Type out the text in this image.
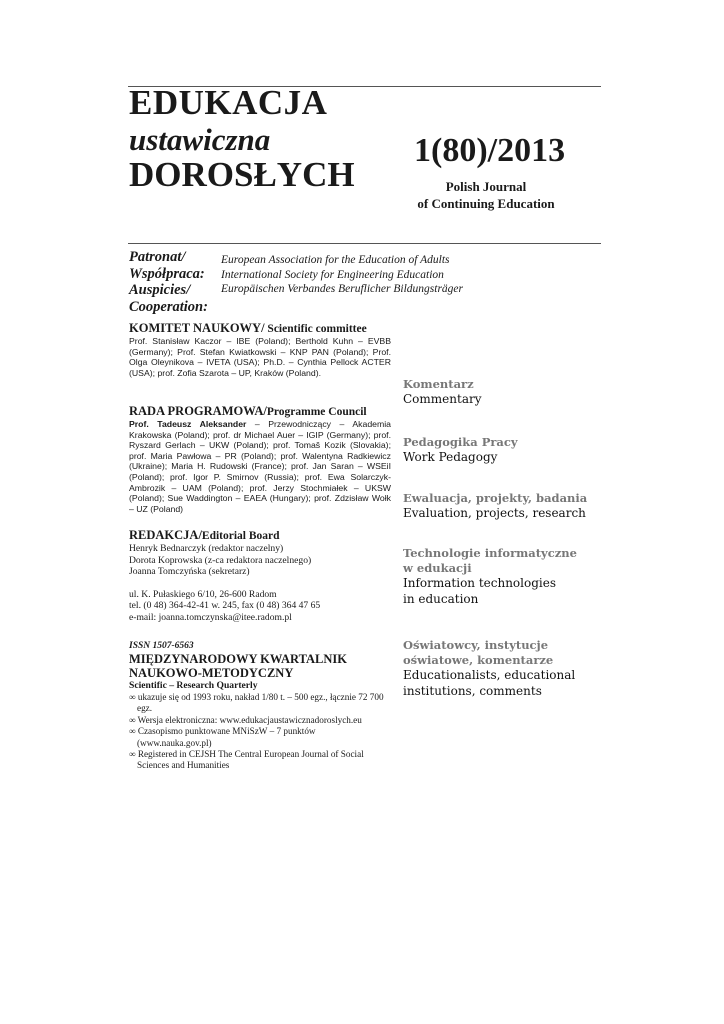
EDUKACJA
ustawiczna
DOROSŁYCH
1(80)/2013
Polish Journal
of Continuing Education
Patronat/
Współpraca:
Auspicies/
Cooperation:
European Association for the Education of Adults
International Society for Engineering Education
Europäischen Verbandes Beruflicher Bildungsträger
KOMITET NAUKOWY/ Scientific committee
Prof. Stanisław Kaczor – IBE (Poland); Berthold Kuhn – EVBB (Germany); Prof. Stefan Kwiatkowski – KNP PAN (Poland); Prof. Olga Oleynikova – IVETA (USA); Ph.D. – Cynthia Pellock ACTER (USA); prof. Zofia Szarota – UP, Kraków (Poland).
RADA PROGRAMOWA/Programme Council
Prof. Tadeusz Aleksander – Przewodniczący – Akademia Krakowska (Poland); prof. dr Michael Auer – IGIP (Germany); prof. Ryszard Gerlach – UKW (Poland); prof. Tomaš Kozik (Slovakia); prof. Maria Pawłowa – PR (Poland); prof. Walentyna Radkiewicz (Ukraine); Maria H. Rudowski (France); prof. Jan Saran – WSEiI (Poland); prof. Igor P. Smirnov (Russia); prof. Ewa Solarczyk-Ambrozik – UAM (Poland); prof. Jerzy Stochmiałek – UKSW (Poland); Sue Waddington – EAEA (Hungary); prof. Zdzisław Wołk – UZ (Poland)
REDAKCJA/Editorial Board
Henryk Bednarczyk (redaktor naczelny)
Dorota Koprowska (z-ca redaktora naczelnego)
Joanna Tomczyńska (sekretarz)
ul. K. Pułaskiego 6/10, 26-600 Radom
tel. (0 48) 364-42-41 w. 245, fax (0 48) 364 47 65
e-mail: joanna.tomczynska@itee.radom.pl
ISSN 1507-6563
MIĘDZYNARODOWY KWARTALNIK
NAUKOWO-METODYCZNY
Scientific – Research Quarterly
∞ ukazuje się od 1993 roku, nakład 1/80 t. – 500 egz., łącznie 72 700 egz.
∞ Wersja elektroniczna: www.edukacjaustawicznadoroslych.eu
∞ Czasopismo punktowane MNiSzW – 7 punktów (www.nauka.gov.pl)
∞ Registered in CEJSH The Central European Journal of Social Sciences and Humanities
Komentarz
Commentary
Pedagogika Pracy
Work Pedagogy
Ewaluacja, projekty, badania
Evaluation, projects, research
Technologie informatyczne
w edukacji
Information technologies
in education
Oświatowcy, instytucje
oświatowe, komentarze
Educationalists, educational
institutions, comments
